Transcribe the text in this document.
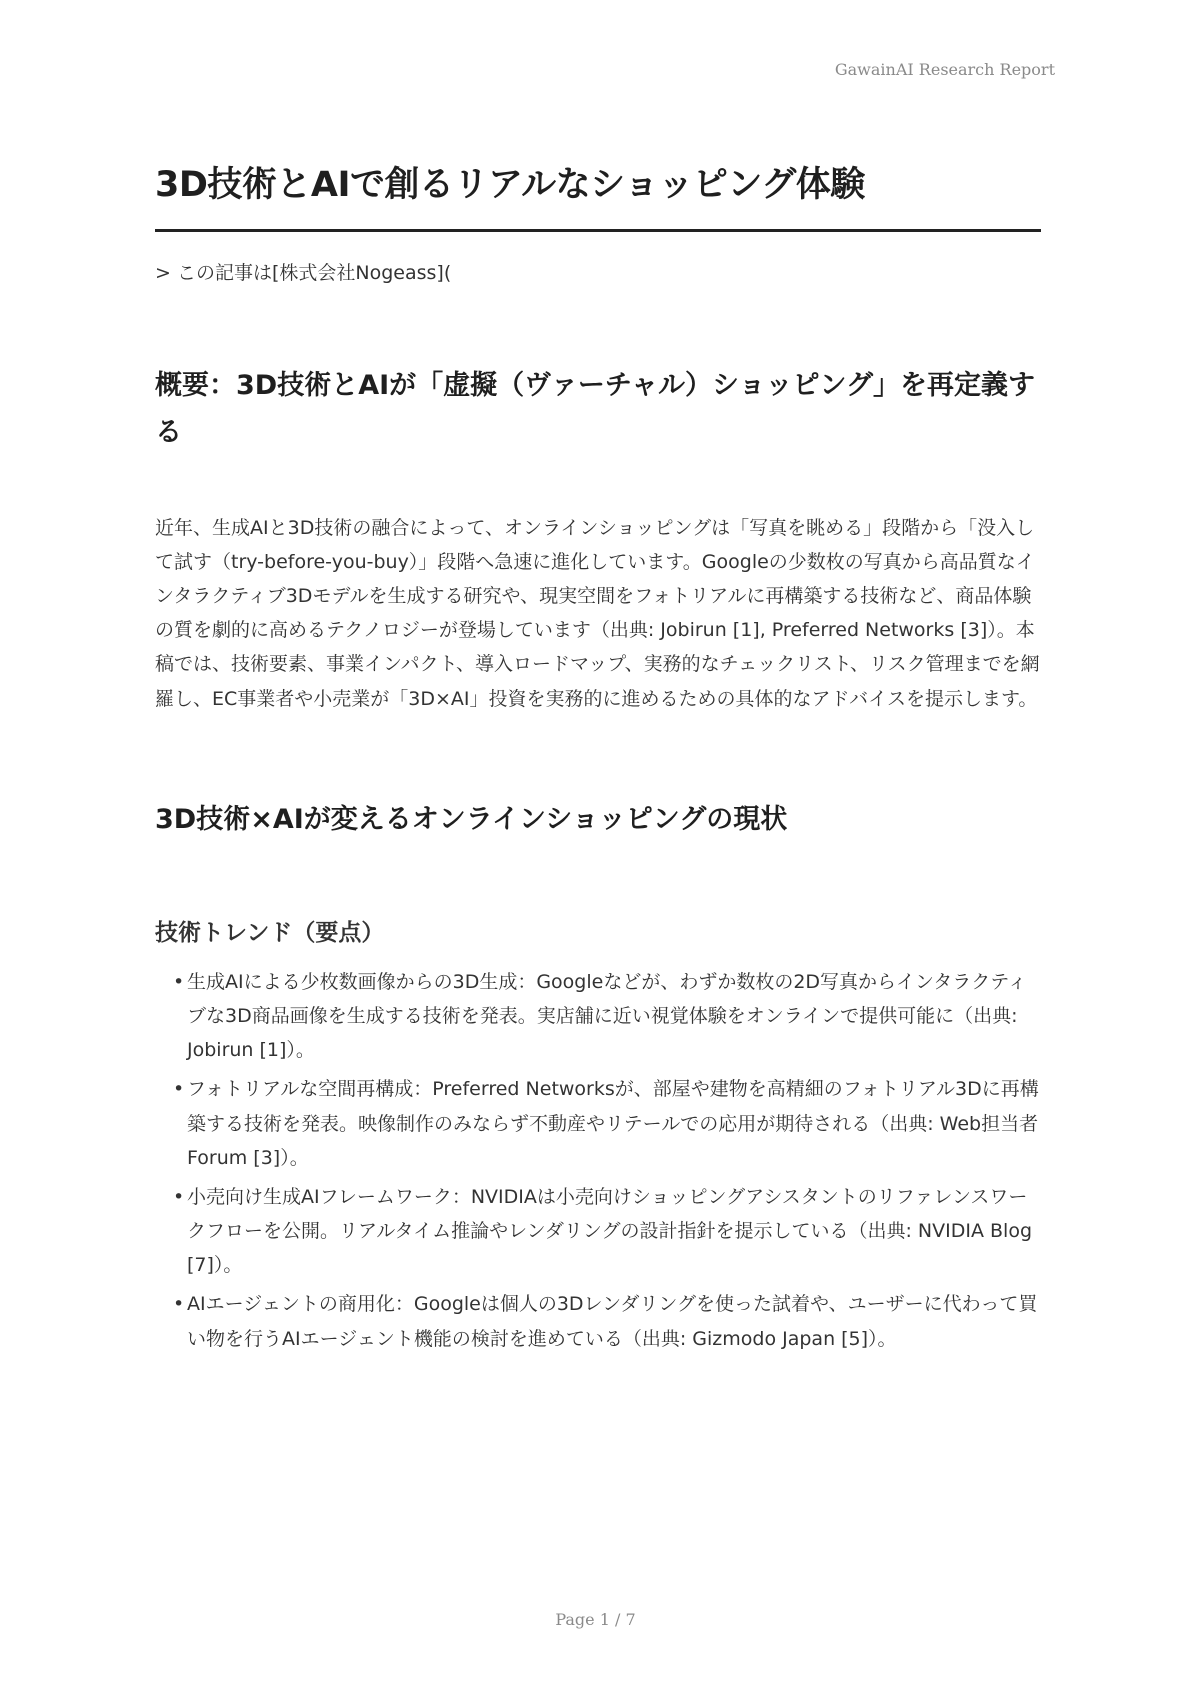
GawainAI Research Report
3D技術とAIで創るリアルなショッピング体験

> この記事は[株式会社Nogeass](

概要：3D技術とAIが「虚擬（ヴァーチャル）ショッピング」を再定義する

近年、生成AIと3D技術の融合によって、オンラインショッピングは「写真を眺める」段階から「没入して試す（try-before-you-buy）」段階へ急速に進化しています。Googleの少数枚の写真から高品質なインタラクティブ3Dモデルを生成する研究や、現実空間をフォトリアルに再構築する技術など、商品体験の質を劇的に高めるテクノロジーが登場しています（出典: Jobirun [1], Preferred Networks [3]）。本稿では、技術要素、事業インパクト、導入ロードマップ、実務的なチェックリスト、リスク管理までを網羅し、EC事業者や小売業が「3D×AI」投資を実務的に進めるための具体的なアドバイスを提示します。

3D技術×AIが変えるオンラインショッピングの現状
技術トレンド（要点）
• 生成AIによる少枚数画像からの3D生成：Googleなどが、わずか数枚の2D写真からインタラクティブな3D商品画像を生成する技術を発表。実店舗に近い視覚体験をオンラインで提供可能に（出典: Jobirun [1]）。
• フォトリアルな空間再構成：Preferred Networksが、部屋や建物を高精細のフォトリアル3Dに再構築する技術を発表。映像制作のみならず不動産やリテールでの応用が期待される（出典: Web担当者Forum [3]）。
• 小売向け生成AIフレームワーク：NVIDIAは小売向けショッピングアシスタントのリファレンスワークフローを公開。リアルタイム推論やレンダリングの設計指針を提示している（出典: NVIDIA Blog [7]）。
• AIエージェントの商用化：Googleは個人の3Dレンダリングを使った試着や、ユーザーに代わって買い物を行うAIエージェント機能の検討を進めている（出典: Gizmodo Japan [5]）。
Page 1 / 7
